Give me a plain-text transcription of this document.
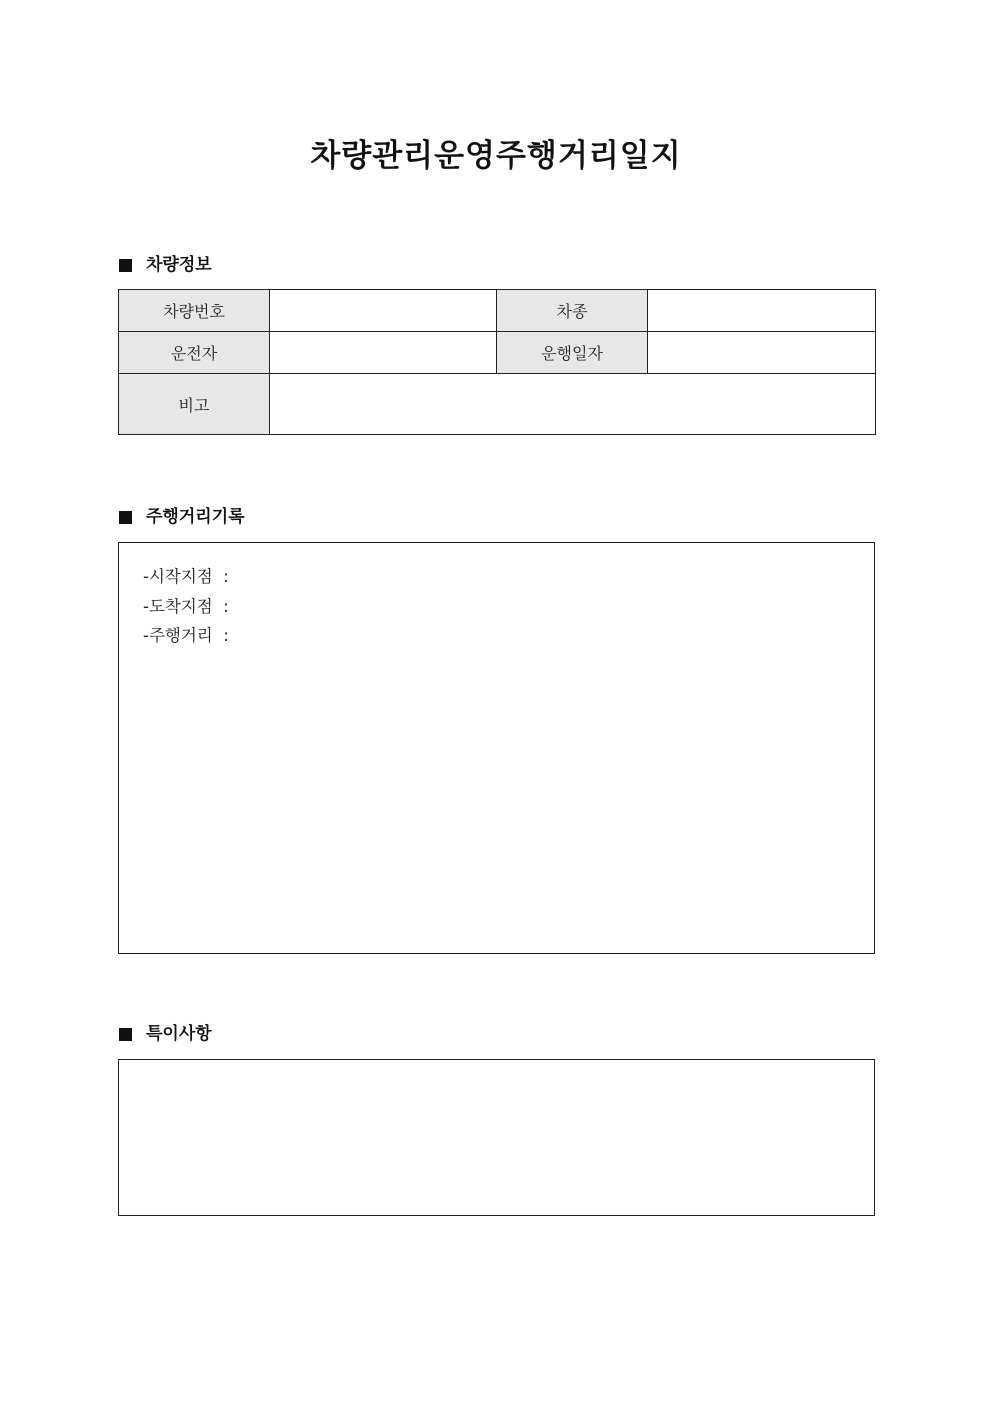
차량관리운영주행거리일지
차량정보
차량번호		차종	
운전자		운행일자	
비고			
주행거리기록
-시작지점  :
-도착지점  :
-주행거리  :
특이사항
